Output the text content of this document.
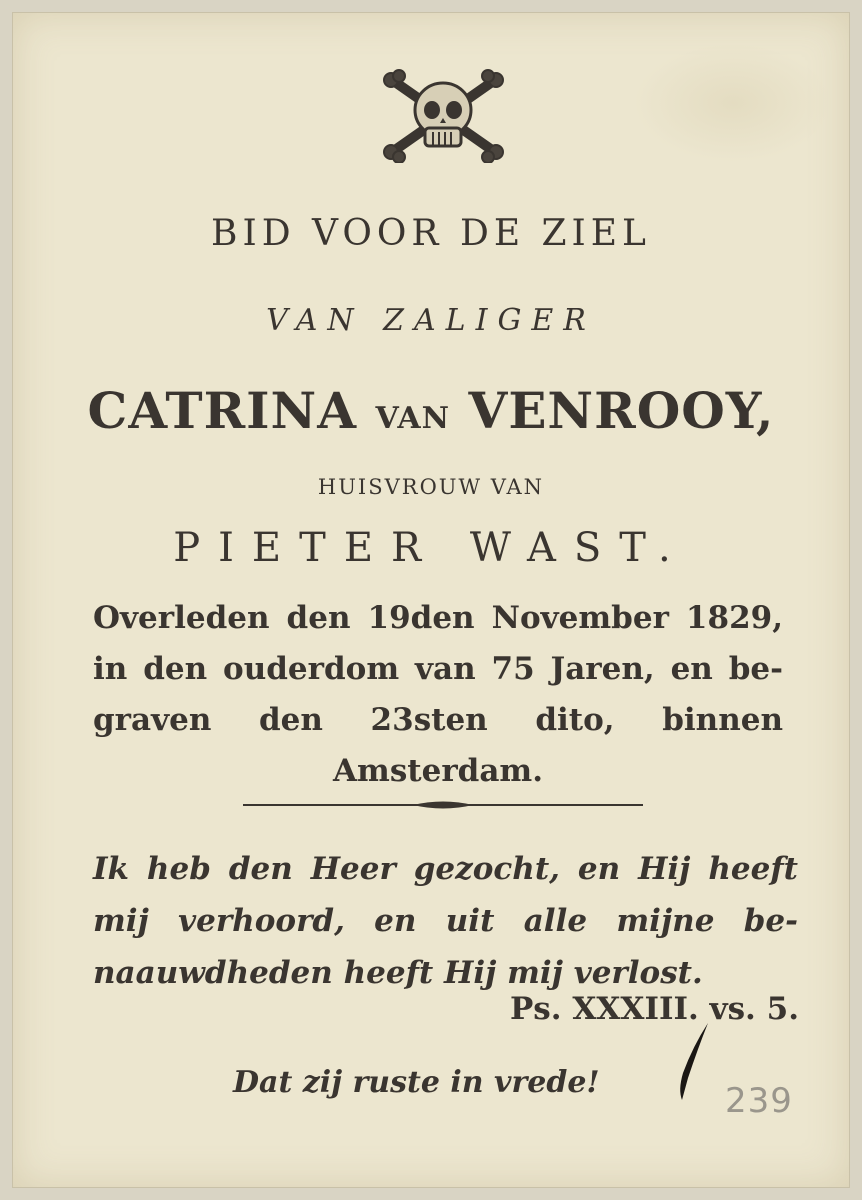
BID VOOR DE ZIEL

VAN ZALIGER

CATRINA VAN VENROOY,

HUISVROUW VAN

PIETER WAST.

Overleden den 19den November 1829, in den ouderdom van 75 Jaren, en be-graven den 23sten dito, binnen Amsterdam.

Ik heb den Heer gezocht, en Hij heeft mij verhoord, en uit alle mijne be-naauwdheden heeft Hij mij verlost.

Ps. XXXIII. vs. 5.

Dat zij ruste in vrede!	239
